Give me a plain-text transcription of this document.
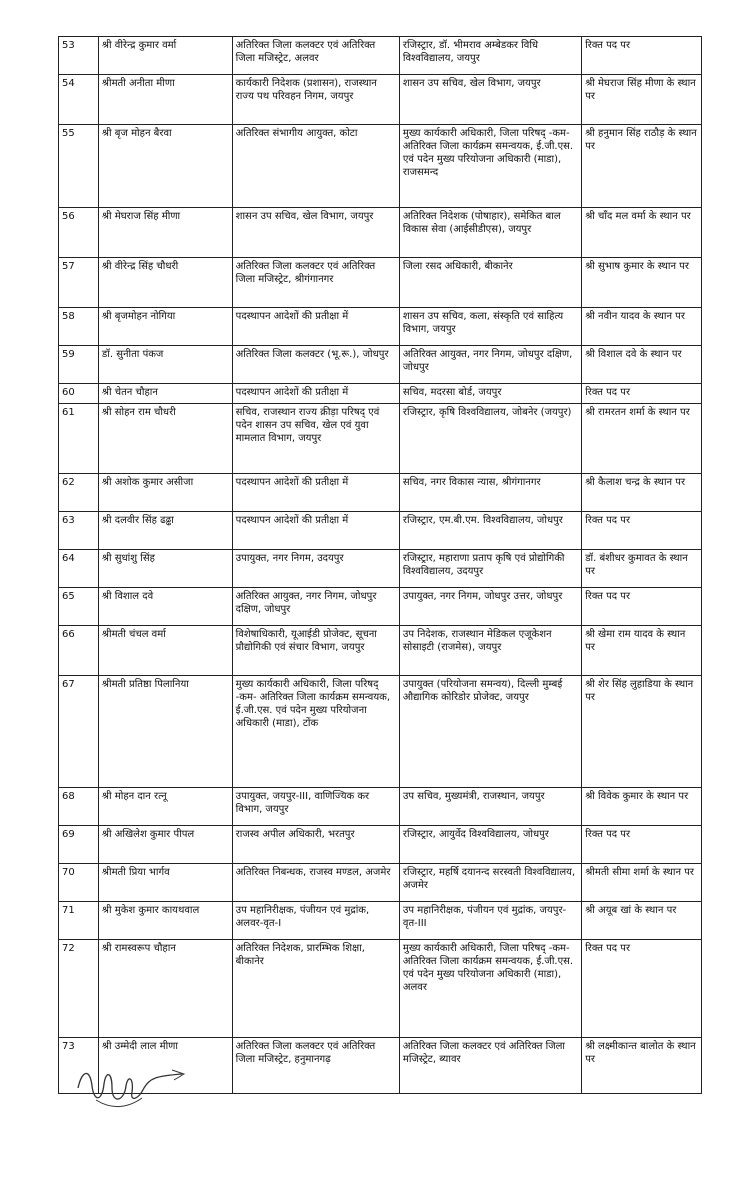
53	श्री वीरेन्द्र कुमार वर्मा	अतिरिक्त जिला कलक्टर एवं अतिरिक्त जिला मजिस्ट्रेट, अलवर	रजिस्ट्रार, डॉ. भीमराव अम्बेडकर विधि विश्वविद्यालय, जयपुर	रिक्त पद पर
54	श्रीमती अनीता मीणा	कार्यकारी निदेशक (प्रशासन), राजस्थान राज्य पथ परिवहन निगम, जयपुर	शासन उप सचिव, खेल विभाग, जयपुर	श्री मेघराज सिंह मीणा के स्थान पर
55	श्री बृज मोहन बैरवा	अतिरिक्त संभागीय आयुक्त, कोटा	मुख्य कार्यकारी अधिकारी, जिला परिषद् -कम- अतिरिक्त जिला कार्यक्रम समन्वयक, ई.जी.एस. एवं पदेन मुख्य परियोजना अधिकारी (माडा), राजसमन्द	श्री हनुमान सिंह राठौड़ के स्थान पर
56	श्री मेघराज सिंह मीणा	शासन उप सचिव, खेल विभाग, जयपुर	अतिरिक्त निदेशक (पोषाहार), समेकित बाल विकास सेवा (आईसीडीएस), जयपुर	श्री चाँद मल वर्मा के स्थान पर
57	श्री वीरेन्द्र सिंह चौधरी	अतिरिक्त जिला कलक्टर एवं अतिरिक्त जिला मजिस्ट्रेट, श्रीगंगानगर	जिला रसद अधिकारी, बीकानेर	श्री सुभाष कुमार के स्थान पर
58	श्री बृजमोहन नोगिया	पदस्थापन आदेशों की प्रतीक्षा में	शासन उप सचिव, कला, संस्कृति एवं साहित्य विभाग, जयपुर	श्री नवीन यादव के स्थान पर
59	डॉ. सुनीता पंकज	अतिरिक्त जिला कलक्टर (भू.रू.), जोधपुर	अतिरिक्त आयुक्त, नगर निगम, जोधपुर दक्षिण, जोधपुर	श्री विशाल दवे के स्थान पर
60	श्री चेतन चौहान	पदस्थापन आदेशों की प्रतीक्षा में	सचिव, मदरसा बोर्ड, जयपुर	रिक्त पद पर
61	श्री सोहन राम चौधरी	सचिव, राजस्थान राज्य क्रीड़ा परिषद् एवं पदेन शासन उप सचिव, खेल एवं युवा मामलात विभाग, जयपुर	रजिस्ट्रार, कृषि विश्वविद्यालय, जोबनेर (जयपुर)	श्री रामरतन शर्मा के स्थान पर
62	श्री अशोक कुमार असीजा	पदस्थापन आदेशों की प्रतीक्षा में	सचिव, नगर विकास न्यास, श्रीगंगानगर	श्री कैलाश चन्द्र के स्थान पर
63	श्री दलवीर सिंह ढढ्ढा	पदस्थापन आदेशों की प्रतीक्षा में	रजिस्ट्रार, एम.बी.एम. विश्वविद्यालय, जोधपुर	रिक्त पद पर
64	श्री सुधांशु सिंह	उपायुक्त, नगर निगम, उदयपुर	रजिस्ट्रार, महाराणा प्रताप कृषि एवं प्रोद्योगिकी विश्वविद्यालय, उदयपुर	डॉ. बंशीधर कुमावत के स्थान पर
65	श्री विशाल दवे	अतिरिक्त आयुक्त, नगर निगम, जोधपुर दक्षिण, जोधपुर	उपायुक्त, नगर निगम, जोधपुर उत्तर, जोधपुर	रिक्त पद पर
66	श्रीमती चंचल वर्मा	विशेषाधिकारी, यूआईडी प्रोजेक्ट, सूचना प्रौद्योगिकी एवं संचार विभाग, जयपुर	उप निदेशक, राजस्थान मेडिकल एजूकेशन सोसाइटी (राजमेस), जयपुर	श्री खेमा राम यादव के स्थान पर
67	श्रीमती प्रतिष्ठा पिलानिया	मुख्य कार्यकारी अधिकारी, जिला परिषद् -कम- अतिरिक्त जिला कार्यक्रम समन्वयक, ई.जी.एस. एवं पदेन मुख्य परियोजना अधिकारी (माडा), टोंक	उपायुक्त (परियोजना समन्वय), दिल्ली मुम्बई औद्यागिक कोरिडोर प्रोजेक्ट, जयपुर	श्री शेर सिंह लुहाडिया के स्थान पर
68	श्री मोहन दान रत्नू	उपायुक्त, जयपुर-III, वाणिज्यिक कर विभाग, जयपुर	उप सचिव, मुख्यमंत्री, राजस्थान, जयपुर	श्री विवेक कुमार के स्थान पर
69	श्री अखिलेश कुमार पीपल	राजस्व अपील अधिकारी, भरतपुर	रजिस्ट्रार, आयुर्वेद विश्वविद्यालय, जोधपुर	रिक्त पद पर
70	श्रीमती प्रिया भार्गव	अतिरिक्त निबन्धक, राजस्व मण्डल, अजमेर	रजिस्ट्रार, महर्षि दयानन्द सरस्वती विश्वविद्यालय, अजमेर	श्रीमती सीमा शर्मा के स्थान पर
71	श्री मुकेश कुमार कायथवाल	उप महानिरीक्षक, पंजीयन एवं मुद्रांक, अलवर-वृत-I	उप महानिरीक्षक, पंजीयन एवं मुद्रांक, जयपुर-वृत-III	श्री अयूब खां के स्थान पर
72	श्री रामस्वरूप चौहान	अतिरिक्त निदेशक, प्रारम्भिक शिक्षा, बीकानेर	मुख्य कार्यकारी अधिकारी, जिला परिषद् -कम- अतिरिक्त जिला कार्यक्रम समन्वयक, ई.जी.एस. एवं पदेन मुख्य परियोजना अधिकारी (माडा), अलवर	रिक्त पद पर
73	श्री उम्मेदी लाल मीणा	अतिरिक्त जिला कलक्टर एवं अतिरिक्त जिला मजिस्ट्रेट, हनुमानगढ़	अतिरिक्त जिला कलक्टर एवं अतिरिक्त जिला मजिस्ट्रेट, ब्यावर	श्री लक्ष्मीकान्त बालोत के स्थान पर
